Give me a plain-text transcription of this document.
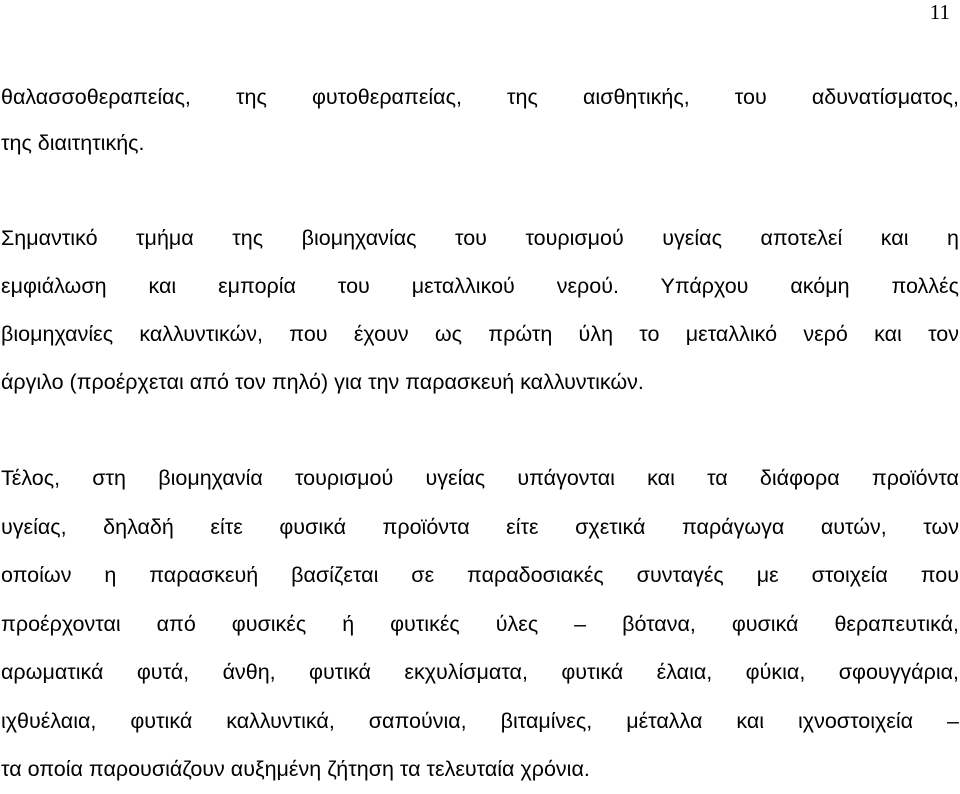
11
θαλασσοθεραπείας, της φυτοθεραπείας, της αισθητικής, του αδυνατίσματος,
της διαιτητικής.
Σημαντικό τμήμα της βιομηχανίας του τουρισμού υγείας αποτελεί και η
εμφιάλωση και εμπορία του μεταλλικού νερού. Υπάρχου ακόμη πολλές
βιομηχανίες καλλυντικών, που έχουν ως πρώτη ύλη το μεταλλικό νερό και τον
άργιλο (προέρχεται από τον πηλό) για την παρασκευή καλλυντικών.
Τέλος, στη βιομηχανία τουρισμού υγείας υπάγονται και τα διάφορα προϊόντα
υγείας, δηλαδή είτε φυσικά προϊόντα είτε σχετικά παράγωγα αυτών, των
οποίων η παρασκευή βασίζεται σε παραδοσιακές συνταγές με στοιχεία που
προέρχονται από φυσικές ή φυτικές ύλες – βότανα, φυσικά θεραπευτικά,
αρωματικά φυτά, άνθη, φυτικά εκχυλίσματα, φυτικά έλαια, φύκια, σφουγγάρια,
ιχθυέλαια, φυτικά καλλυντικά, σαπούνια, βιταμίνες, μέταλλα και ιχνοστοιχεία –
τα οποία παρουσιάζουν αυξημένη ζήτηση τα τελευταία χρόνια.
